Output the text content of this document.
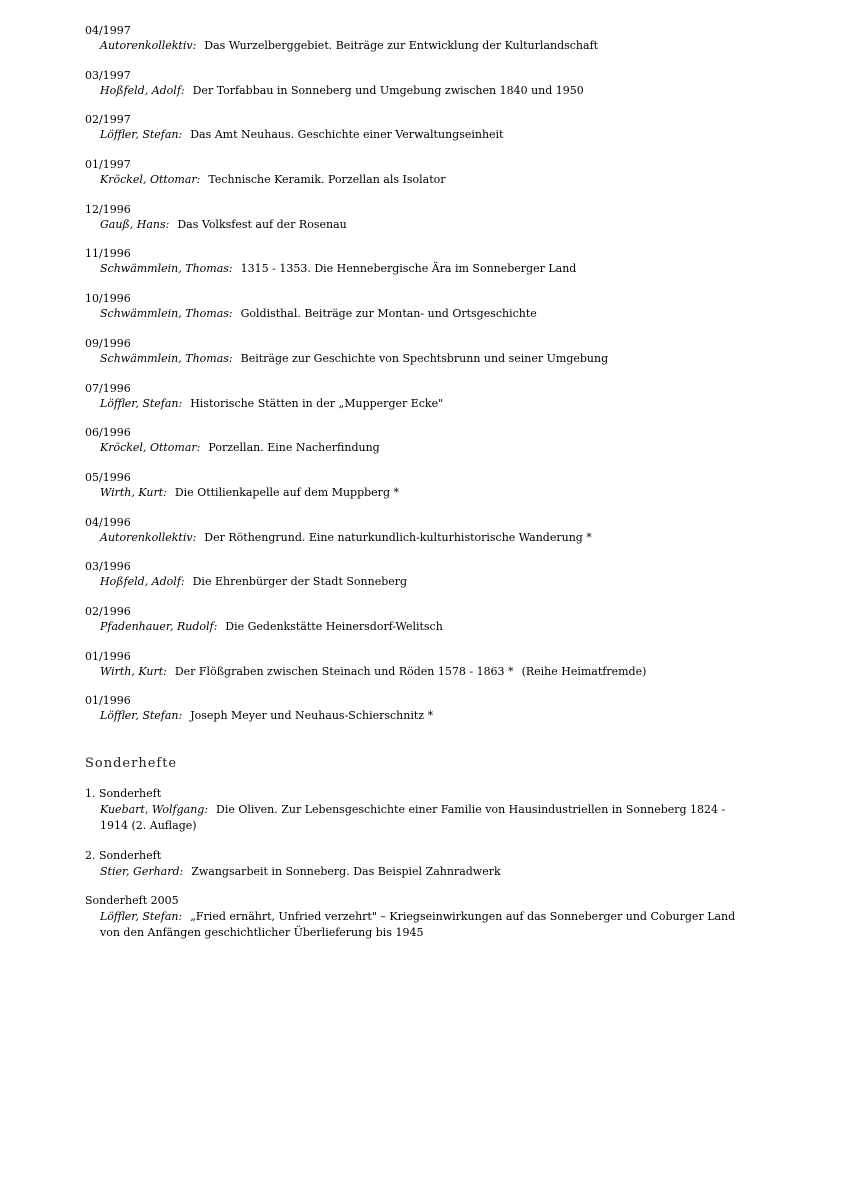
04/1997
Autorenkollektiv: Das Wurzelberggebiet. Beiträge zur Entwicklung der Kulturlandschaft
03/1997
Hoßfeld, Adolf: Der Torfabbau in Sonneberg und Umgebung zwischen 1840 und 1950
02/1997
Löffler, Stefan: Das Amt Neuhaus. Geschichte einer Verwaltungseinheit
01/1997
Kröckel, Ottomar: Technische Keramik. Porzellan als Isolator
12/1996
Gauß, Hans: Das Volksfest auf der Rosenau
11/1996
Schwämmlein, Thomas: 1315 - 1353. Die Hennebergische Ära im Sonneberger Land
10/1996
Schwämmlein, Thomas: Goldisthal. Beiträge zur Montan- und Ortsgeschichte
09/1996
Schwämmlein, Thomas: Beiträge zur Geschichte von Spechtsbrunn und seiner Umgebung
07/1996
Löffler, Stefan: Historische Stätten in der „Mupperger Ecke"
06/1996
Kröckel, Ottomar: Porzellan. Eine Nacherfindung
05/1996
Wirth, Kurt: Die Ottilienkapelle auf dem Muppberg *
04/1996
Autorenkollektiv: Der Röthengrund. Eine naturkundlich-kulturhistorische Wanderung *
03/1996
Hoßfeld, Adolf: Die Ehrenbürger der Stadt Sonneberg
02/1996
Pfadenhauer, Rudolf: Die Gedenkstätte Heinersdorf-Welitsch
01/1996
Wirth, Kurt: Der Flößgraben zwischen Steinach und Röden 1578 - 1863 * (Reihe Heimatfremde)
01/1996
Löffler, Stefan: Joseph Meyer und Neuhaus-Schierschnitz *
Sonderhefte
1. Sonderheft
Kuebart, Wolfgang: Die Oliven. Zur Lebensgeschichte einer Familie von Hausindustriellen in Sonneberg 1824 - 1914 (2. Auflage)
2. Sonderheft
Stier, Gerhard: Zwangsarbeit in Sonneberg. Das Beispiel Zahnradwerk
Sonderheft 2005
Löffler, Stefan: „Fried ernährt, Unfried verzehrt" – Kriegseinwirkungen auf das Sonneberger und Coburger Land von den Anfängen geschichtlicher Überlieferung bis 1945
